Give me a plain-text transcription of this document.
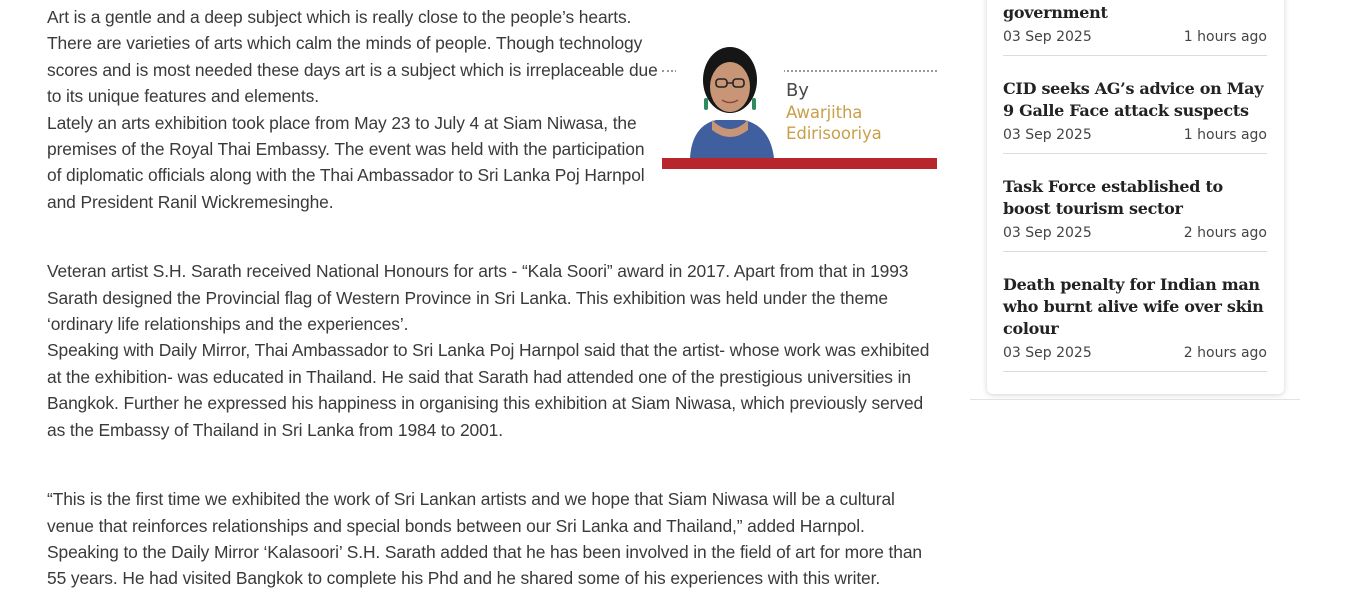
By
Awarjitha
Edirisooriya

Art is a gentle and a deep subject which is really close to the people’s hearts. There are varieties of arts which calm the minds of people. Though technology scores and is most needed these days art is a subject which is irreplaceable due to its unique features and elements.

Lately an arts exhibition took place from May 23 to July 4 at Siam Niwasa, the premises of the Royal Thai Embassy. The event was held with the participation of diplomatic officials along with the Thai Ambassador to Sri Lanka Poj Harnpol and President Ranil Wickremesinghe.

Veteran artist S.H. Sarath received National Honours for arts - “Kala Soori” award in 2017. Apart from that in 1993 Sarath designed the Provincial flag of Western Province in Sri Lanka. This exhibition was held under the theme ‘ordinary life relationships and the experiences’.

Speaking with Daily Mirror, Thai Ambassador to Sri Lanka Poj Harnpol said that the artist- whose work was exhibited at the exhibition- was educated in Thailand. He said that Sarath had attended one of the prestigious universities in Bangkok. Further he expressed his happiness in organising this exhibition at Siam Niwasa, which previously served as the Embassy of Thailand in Sri Lanka from 1984 to 2001.

“This is the first time we exhibited the work of Sri Lankan artists and we hope that Siam Niwasa will be a cultural venue that reinforces relationships and special bonds between our Sri Lanka and Thailand,” added Harnpol.

Speaking to the Daily Mirror ‘Kalasoori’ S.H. Sarath added that he has been involved in the field of art for more than 55 years. He had visited Bangkok to complete his Phd and he shared some of his experiences with this writer.

government
03 Sep 2025	1 hours ago
CID seeks AG’s advice on May 9 Galle Face attack suspects
03 Sep 2025	1 hours ago
Task Force established to boost tourism sector
03 Sep 2025	2 hours ago
Death penalty for Indian man who burnt alive wife over skin colour
03 Sep 2025	2 hours ago
